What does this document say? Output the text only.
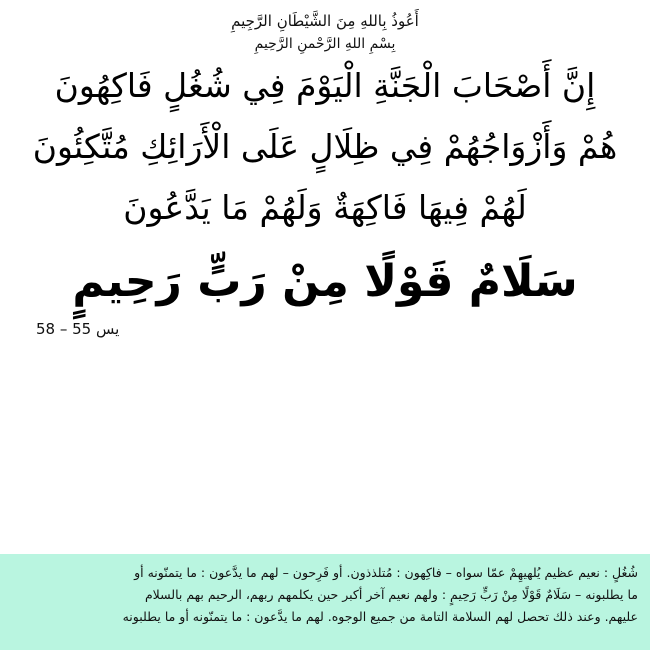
أَعُوذُ بِاللهِ مِنَ الشَّيْطَانِ الرَّجِيمِ
بِسْمِ اللهِ الرَّحْمنِ الرَّحِيمِ

إِنَّ أَصْحَابَ الْجَنَّةِ الْيَوْمَ فِي شُغُلٍ فَاكِهُونَ

هُمْ وَأَزْوَاجُهُمْ فِي ظِلَالٍ عَلَى الْأَرَائِكِ مُتَّكِئُونَ

لَهُمْ فِيهَا فَاكِهَةٌ وَلَهُمْ مَا يَدَّعُونَ

سَلَامٌ قَوْلًا مِنْ رَبٍّ رَحِيمٍ

يس 55 – 58

شُغُلٍ : نعيم عظيم يُلهيهِمْ عمّا سواه – فاكِهون : مُتلذذون. أو فَرِحون – لهم ما يدَّعون : ما يتمنّونه أو

ما يطلبونه – سَلَامٌ قَوْلًا مِنْ رَبٍّ رَحِيمٍ : ولهم نعيم آخر أكبر حين يكلمهم ربهم، الرحيم بهم بالسلام

عليهم. وعند ذلك تحصل لهم السلامة التامة من جميع الوجوه. لهم ما يدَّعون : ما يتمنّونه أو ما يطلبونه
